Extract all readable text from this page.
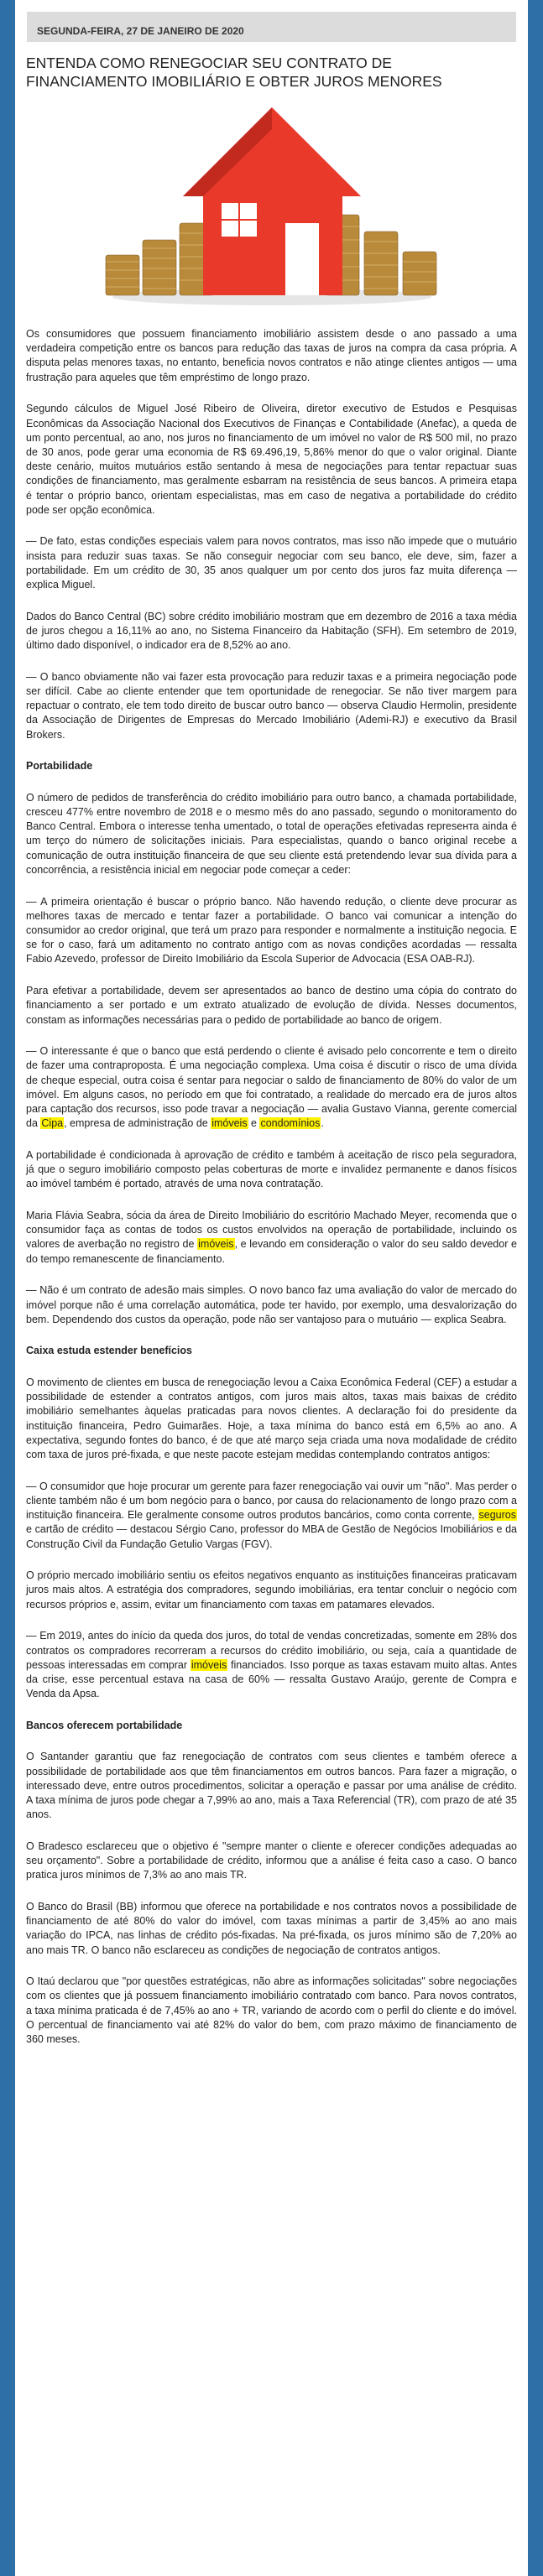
SEGUNDA-FEIRA, 27 DE JANEIRO DE 2020
ENTENDA COMO RENEGOCIAR SEU CONTRATO DE FINANCIAMENTO IMOBILIÁRIO E OBTER JUROS MENORES

Os consumidores que possuem financiamento imobiliário assistem desde o ano passado a uma verdadeira competição entre os bancos para redução das taxas de juros na compra da casa própria. A disputa pelas menores taxas, no entanto, beneficia novos contratos e não atinge clientes antigos — uma frustração para aqueles que têm empréstimo de longo prazo.

Segundo cálculos de Miguel José Ribeiro de Oliveira, diretor executivo de Estudos e Pesquisas Econômicas da Associação Nacional dos Executivos de Finanças e Contabilidade (Anefac), a queda de um ponto percentual, ao ano, nos juros no financiamento de um imóvel no valor de R$ 500 mil, no prazo de 30 anos, pode gerar uma economia de R$ 69.496,19, 5,86% menor do que o valor original. Diante deste cenário, muitos mutuários estão sentando à mesa de negociações para tentar repactuar suas condições de financiamento, mas geralmente esbarram na resistência de seus bancos. A primeira etapa é tentar o próprio banco, orientam especialistas, mas em caso de negativa a portabilidade do crédito pode ser opção econômica.

— De fato, estas condições especiais valem para novos contratos, mas isso não impede que o mutuário insista para reduzir suas taxas. Se não conseguir negociar com seu banco, ele deve, sim, fazer a portabilidade. Em um crédito de 30, 35 anos qualquer um por cento dos juros faz muita diferença — explica Miguel.

Dados do Banco Central (BC) sobre crédito imobiliário mostram que em dezembro de 2016 a taxa média de juros chegou a 16,11% ao ano, no Sistema Financeiro da Habitação (SFH). Em setembro de 2019, último dado disponível, o indicador era de 8,52% ao ano.

— O banco obviamente não vai fazer esta provocação para reduzir taxas e a primeira negociação pode ser difícil. Cabe ao cliente entender que tem oportunidade de renegociar. Se não tiver margem para repactuar o contrato, ele tem todo direito de buscar outro banco — observa Claudio Hermolin, presidente da Associação de Dirigentes de Empresas do Mercado Imobiliário (Ademi-RJ) e executivo da Brasil Brokers.

Portabilidade

O número de pedidos de transferência do crédito imobiliário para outro banco, a chamada portabilidade, cresceu 477% entre novembro de 2018 e o mesmo mês do ano passado, segundo o monitoramento do Banco Central. Embora o interesse tenha umentado, o total de operações efetivadas represента ainda é um terço do número de solicitações iniciais. Para especialistas, quando o banco original recebe a comunicação de outra instituição financeira de que seu cliente está pretendendo levar sua dívida para a concorrência, a resistência inicial em negociar pode começar a ceder:

— A primeira orientação é buscar o próprio banco. Não havendo redução, o cliente deve procurar as melhores taxas de mercado e tentar fazer a portabilidade. O banco vai comunicar a intenção do consumidor ao credor original, que terá um prazo para responder e normalmente a instituição negocia. E se for o caso, fará um aditamento no contrato antigo com as novas condições acordadas — ressalta Fabio Azevedo, professor de Direito Imobiliário da Escola Superior de Advocacia (ESA OAB-RJ).

Para efetivar a portabilidade, devem ser apresentados ao banco de destino uma cópia do contrato do financiamento a ser portado e um extrato atualizado de evolução de dívida. Nesses documentos, constam as informações necessárias para o pedido de portabilidade ao banco de origem.

— O interessante é que o banco que está perdendo o cliente é avisado pelo concorrente e tem o direito de fazer uma contraproposta. É uma negociação complexa. Uma coisa é discutir o risco de uma dívida de cheque especial, outra coisa é sentar para negociar o saldo de financiamento de 80% do valor de um imóvel. Em alguns casos, no período em que foi contratado, a realidade do mercado era de juros altos para captação dos recursos, isso pode travar a negociação — avalia Gustavo Vianna, gerente comercial da Cipa, empresa de administração de imóveis e condomínios.

A portabilidade é condicionada à aprovação de crédito e também à aceitação de risco pela seguradora, já que o seguro imobiliário composto pelas coberturas de morte e invalidez permanente e danos físicos ao imóvel também é portado, através de uma nova contratação.

Maria Flávia Seabra, sócia da área de Direito Imobiliário do escritório Machado Meyer, recomenda que o consumidor faça as contas de todos os custos envolvidos na operação de portabilidade, incluindo os valores de averbação no registro de imóveis, e levando em consideração o valor do seu saldo devedor e do tempo remanescente de financiamento.

— Não é um contrato de adesão mais simples. O novo banco faz uma avaliação do valor de mercado do imóvel porque não é uma correlação automática, pode ter havido, por exemplo, uma desvalorização do bem. Dependendo dos custos da operação, pode não ser vantajoso para o mutuário — explica Seabra.

Caixa estuda estender benefícios

O movimento de clientes em busca de renegociação levou a Caixa Econômica Federal (CEF) a estudar a possibilidade de estender a contratos antigos, com juros mais altos, taxas mais baixas de crédito imobiliário semelhantes àquelas praticadas para novos clientes. A declaração foi do presidente da instituição financeira, Pedro Guimarães. Hoje, a taxa mínima do banco está em 6,5% ao ano. A expectativa, segundo fontes do banco, é de que até março seja criada uma nova modalidade de crédito com taxa de juros pré-fixada, e que neste pacote estejam medidas contemplando contratos antigos:

— O consumidor que hoje procurar um gerente para fazer renegociação vai ouvir um "não". Mas perder o cliente também não é um bom negócio para o banco, por causa do relacionamento de longo prazo com a instituição financeira. Ele geralmente consome outros produtos bancários, como conta corrente, seguros e cartão de crédito — destacou Sérgio Cano, professor do MBA de Gestão de Negócios Imobiliários e da Construção Civil da Fundação Getulio Vargas (FGV).

O próprio mercado imobiliário sentiu os efeitos negativos enquanto as instituições financeiras praticavam juros mais altos. A estratégia dos compradores, segundo imobiliárias, era tentar concluir o negócio com recursos próprios e, assim, evitar um financiamento com taxas em patamares elevados.

— Em 2019, antes do início da queda dos juros, do total de vendas concretizadas, somente em 28% dos contratos os compradores recorreram a recursos do crédito imobiliário, ou seja, caía a quantidade de pessoas interessadas em comprar imóveis financiados. Isso porque as taxas estavam muito altas. Antes da crise, esse percentual estava na casa de 60% — ressalta Gustavo Araújo, gerente de Compra e Venda da Apsa.

Bancos oferecem portabilidade

O Santander garantiu que faz renegociação de contratos com seus clientes e também oferece a possibilidade de portabilidade aos que têm financiamentos em outros bancos. Para fazer a migração, o interessado deve, entre outros procedimentos, solicitar a operação e passar por uma análise de crédito. A taxa mínima de juros pode chegar a 7,99% ao ano, mais a Taxa Referencial (TR), com prazo de até 35 anos.

O Bradesco esclareceu que o objetivo é "sempre manter o cliente e oferecer condições adequadas ao seu orçamento". Sobre a portabilidade de crédito, informou que a análise é feita caso a caso. O banco pratica juros mínimos de 7,3% ao ano mais TR.

O Banco do Brasil (BB) informou que oferece na portabilidade e nos contratos novos a possibilidade de financiamento de até 80% do valor do imóvel, com taxas mínimas a partir de 3,45% ao ano mais variação do IPCA, nas linhas de crédito pós-fixadas. Na pré-fixada, os juros mínimo são de 7,20% ao ano mais TR. O banco não esclareceu as condições de negociação de contratos antigos.

O Itaú declarou que "por questões estratégicas, não abre as informações solicitadas" sobre negociações com os clientes que já possuem financiamento imobiliário contratado com banco. Para novos contratos, a taxa mínima praticada é de 7,45% ao ano + TR, variando de acordo com o perfil do cliente e do imóvel. O percentual de financiamento vai até 82% do valor do bem, com prazo máximo de financiamento de 360 meses.
